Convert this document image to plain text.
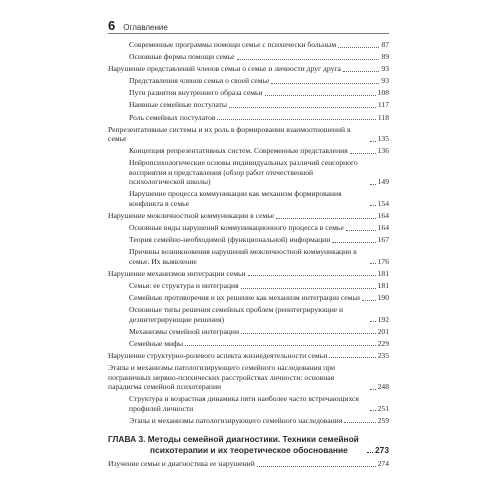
6 Оглавление
Современные программы помощи семье с психически больным	87
Основные формы помощи семье	89
Нарушение представлений членов семьи о семье и личности друг друга	93
Представления членов семьи о своей семье	93
Пути развития внутреннего образа семьи	108
Наивные семейные постулаты	117
Роль семейных постулатов	118
Репрезентативные системы и их роль в формировании взаимоотношений в семье	135
Концепция репрезентативных систем. Современные представления	136
Нейропсихологические основы индивидуальных различий сенсорного восприятия и представления (обзор работ отечественной психологической школы)	149
Нарушение процесса коммуникации как механизм формирования конфликта в семье	154
Нарушение межличностной коммуникации в семье	164
Основные виды нарушений коммуникационного процесса в семье	164
Теория семейно-необходимой (функциональной) информации	167
Причины возникновения нарушений межличностной коммуникации в семье. Их выявление	176
Нарушение механизмов интеграции семьи	181
Семья: ее структура и интеграция	181
Семейные противоречия и их решение как механизм интеграции семьи 190
Основные типы решения семейных проблем (реинтегрирующие и дезинтегрирующие решения)	192
Механизмы семейной интеграции	201
Семейные мифы	229
Нарушение структурно-ролевого аспекта жизнедеятельности семьи	235
Этапы и механизмы патологизирующего семейного наследования при пограничных нервно-психических расстройствах личности: основная парадигма семейной психотерапии	248
Структура и возрастная динамика пяти наиболее часто встречающихся профилей личности	251
Этапы и механизмы патологизирующего семейного наследования	259
ГЛАВА 3. Методы семейной диагностики. Техники семейной психотерапии и их теоретическое обоснование	273
Изучение семьи и диагностика ее нарушений	274
